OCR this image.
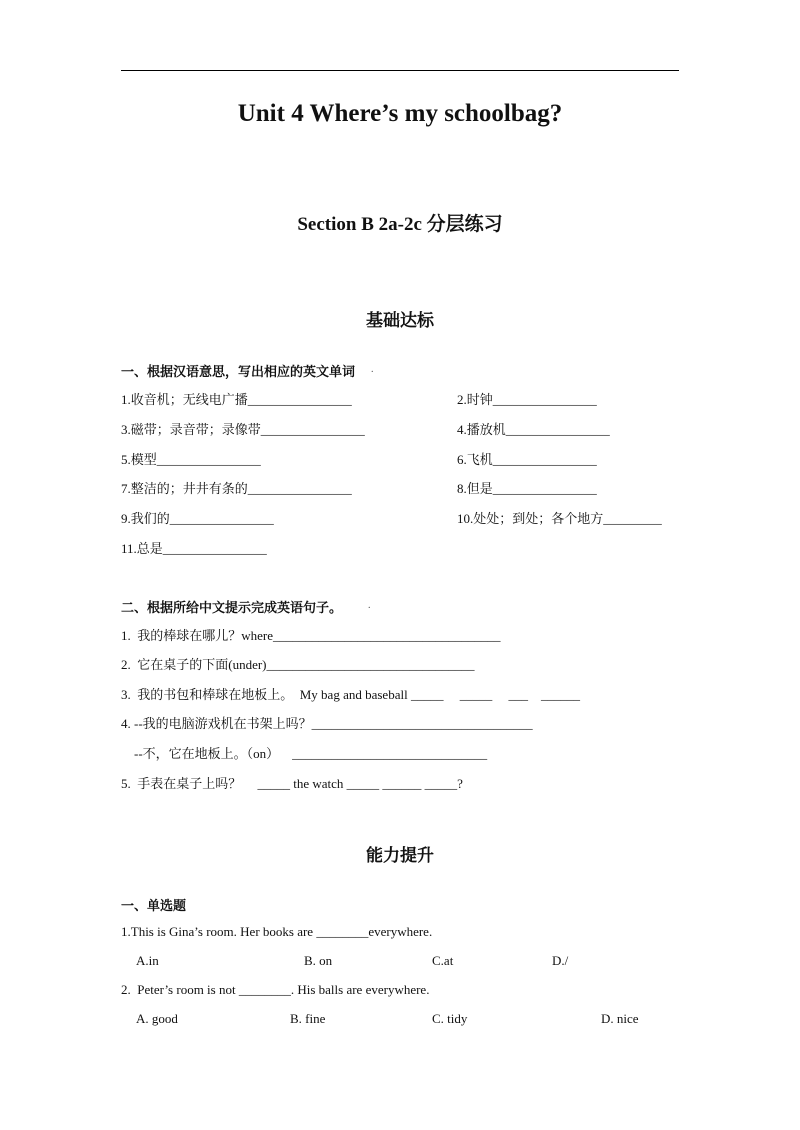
Unit 4 Where’s my schoolbag?
Section B 2a-2c 分层练习
基础达标
一、根据汉语意思，写出相应的英文单词 .
1.收音机；无线电广播________________	2.时钟________________
3.磁带；录音带；录像带________________	4.播放机________________
5.模型________________	6.飞机________________
7.整洁的；井井有条的________________	8.但是________________
9.我们的________________	10.处处；到处；各个地方_________
11.总是________________
二、根据所给中文提示完成英语句子。	.
1.  我的棒球在哪儿？where___________________________________
2.  它在桌子的下面(under)________________________________
3.  我的书包和棒球在地板上。  My bag and baseball _____     _____     ___    ______
4. --我的电脑游戏机在书架上吗？__________________________________
--不，它在地板上。（on）    ______________________________
5.  手表在桌子上吗？     _____ the watch _____ ______ _____?
能力提升
一、单选题
1.This is Gina’s room. Her books are ________everywhere.
A.in	B. on	C.at	D./
2.  Peter’s room is not ________. His balls are everywhere.
A. good	B. fine	C. tidy	D. nice
